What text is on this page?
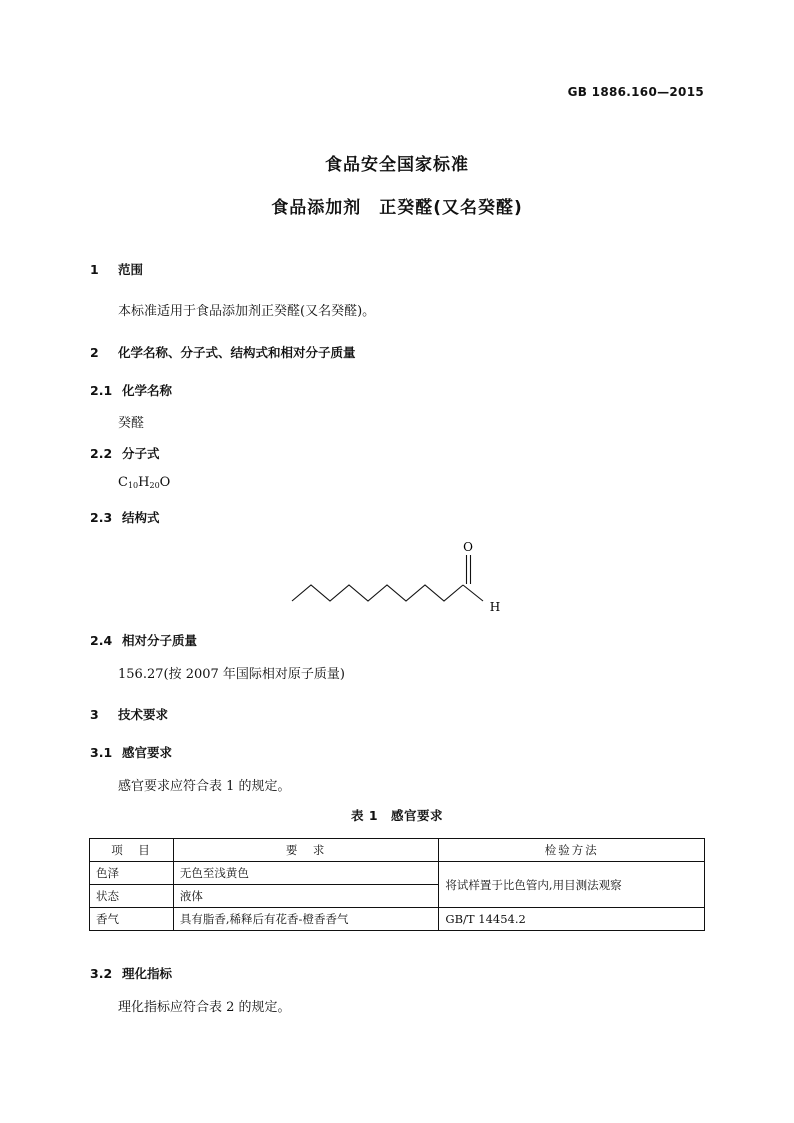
GB 1886.160—2015
食品安全国家标准
食品添加剂　正癸醛(又名癸醛)
1 范围
本标准适用于食品添加剂正癸醛(又名癸醛)。
2 化学名称、分子式、结构式和相对分子质量
2.1 化学名称
癸醛
2.2 分子式
C10H20O
2.3 结构式
O
H
2.4 相对分子质量
156.27(按 2007 年国际相对原子质量)
3 技术要求
3.1 感官要求
感官要求应符合表 1 的规定。
表 1　感官要求
项　目	要　求	检验方法
色泽	无色至浅黄色	将试样置于比色管内,用目测法观察
状态	液体	
香气	具有脂香,稀释后有花香-橙香香气	GB/T 14454.2
3.2 理化指标
理化指标应符合表 2 的规定。
